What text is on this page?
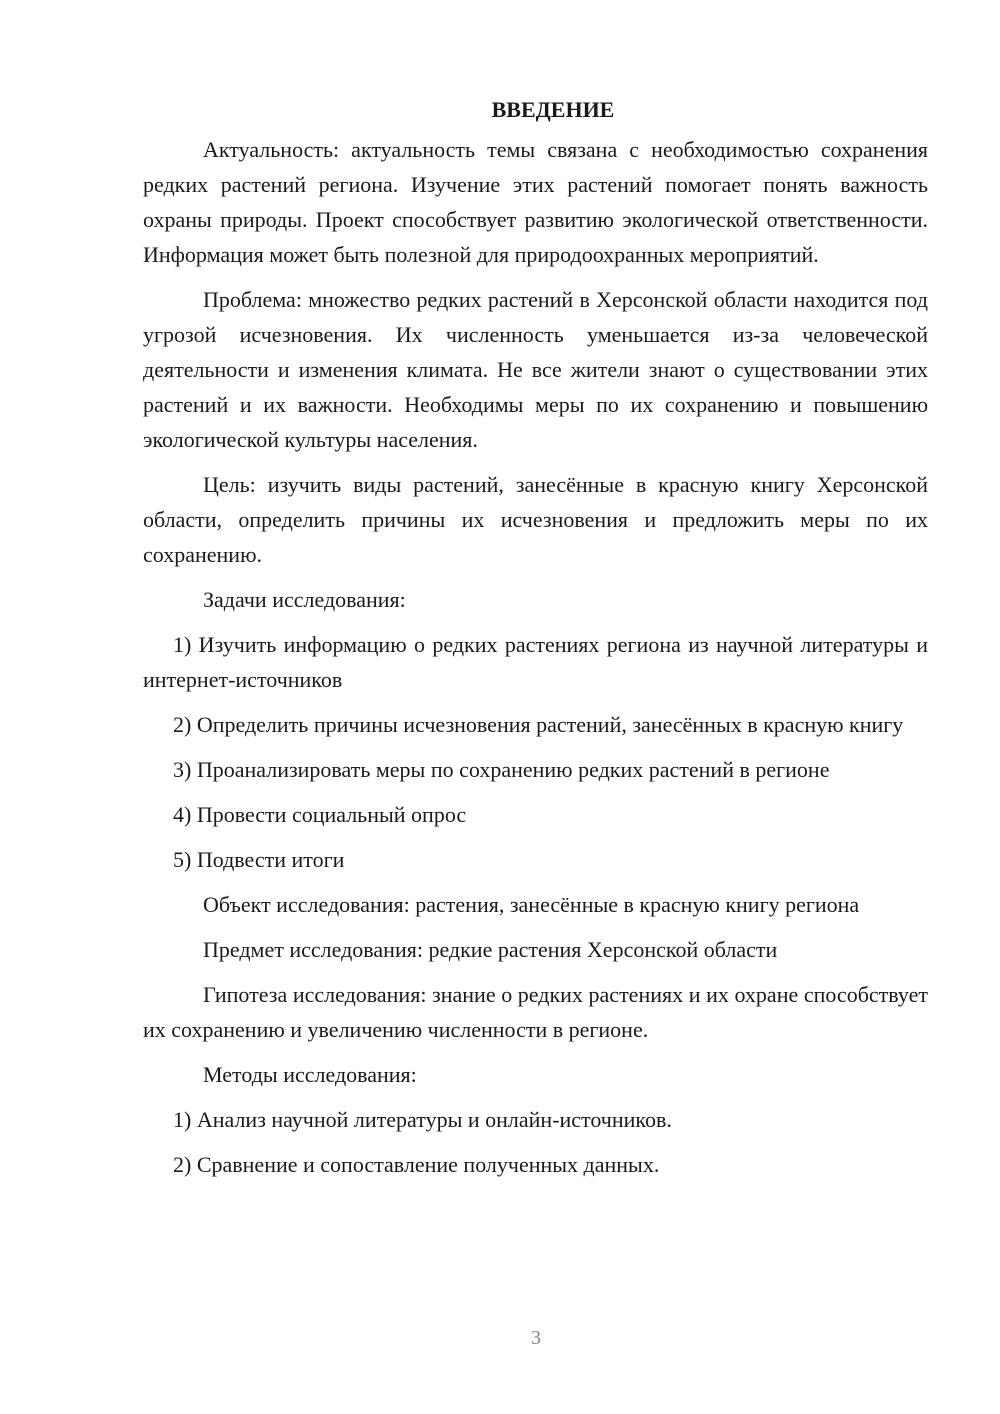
ВВЕДЕНИЕ

Актуальность: актуальность темы связана с необходимостью сохранения редких растений региона. Изучение этих растений помогает понять важность охраны природы. Проект способствует развитию экологической ответственности. Информация может быть полезной для природоохранных мероприятий.

Проблема: множество редких растений в Херсонской области находится под угрозой исчезновения. Их численность уменьшается из-за человеческой деятельности и изменения климата. Не все жители знают о существовании этих растений и их важности. Необходимы меры по их сохранению и повышению экологической культуры населения.

Цель: изучить виды растений, занесённые в красную книгу Херсонской области, определить причины их исчезновения и предложить меры по их сохранению.

Задачи исследования:

1) Изучить информацию о редких растениях региона из научной литературы и интернет-источников

2) Определить причины исчезновения растений, занесённых в красную книгу

3) Проанализировать меры по сохранению редких растений в регионе

4) Провести социальный опрос

5) Подвести итоги

Объект исследования: растения, занесённые в красную книгу региона

Предмет исследования: редкие растения Херсонской области

Гипотеза исследования: знание о редких растениях и их охране способствует их сохранению и увеличению численности в регионе.

Методы исследования:

1) Анализ научной литературы и онлайн-источников.

2) Сравнение и сопоставление полученных данных.

3
